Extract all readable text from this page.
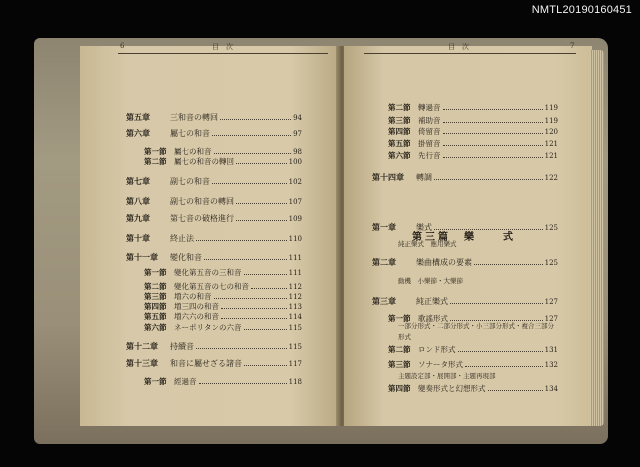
NMTL20190160451
6	目　次	目　次	7
第五章	三和音の轉回	94
第六章	屬七の和音	97
第一節	屬七の和音	98
第二節	屬七の和音の轉回	100
第七章	副七の和音	102
第八章	副七の和音の轉回	107
第九章	第七音の破格進行	109
第十章	終止法	110
第十一章	變化和音	111
第一節	變化第五音の三和音	111
第二節	變化第五音の七の和音	112
第三節	増六の和音	112
第四節	増三四の和音	113
第五節	増六六の和音	114
第六節	ネーポリタンの六音	115
第十二章	持續音	115
第十三章	和音に屬せざる諸音	117
第一節	經過音	118
第二節	轉過音	119
第三節	補助音	119
第四節	倚留音	120
第五節	掛留音	121
第六節	先行音	121
第十四章	轉調	122
第三篇　樂　　式
第一章	樂式	125
純正樂式　應用樂式
第二章	樂曲構成の要素	125
動機　小樂節・大樂節
第三章	純正樂式	127
第一節	歌謠形式	127
一部分形式・二部分形式・小三部分形式・複合三部分形式
第二節	ロンド形式	131
第三節	ソナータ形式	132
主題設定部・展開部・主題再現部
第四節	變奏形式と幻想形式	134
